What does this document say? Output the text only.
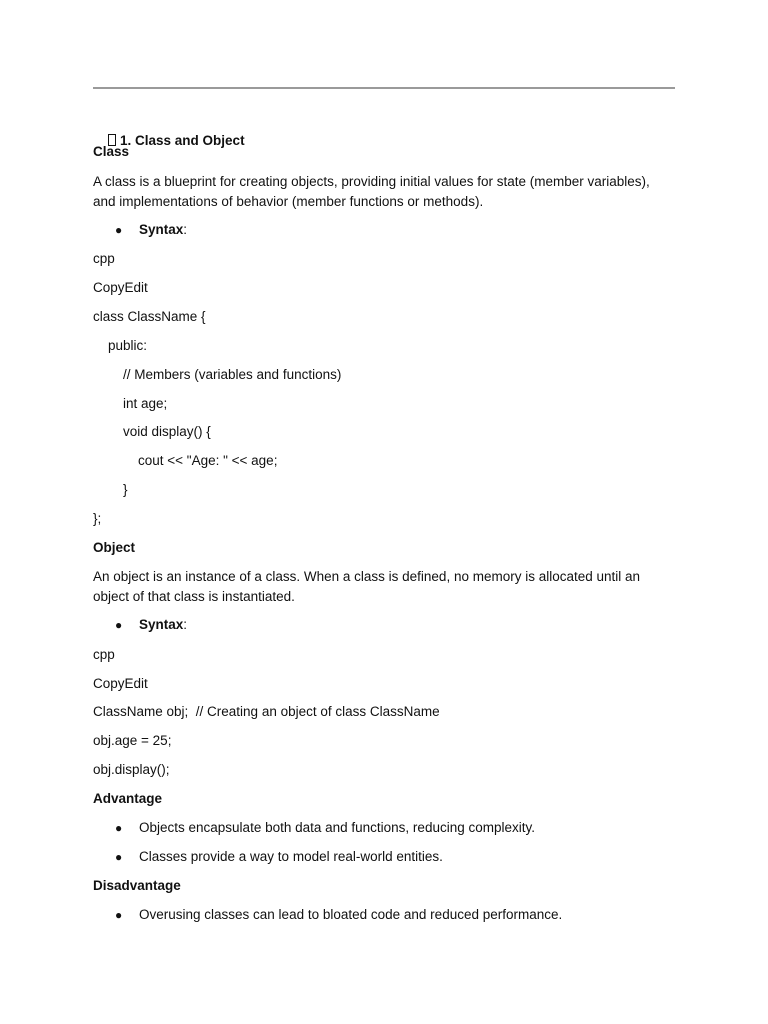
1. Class and Object

Class
A class is a blueprint for creating objects, providing initial values for state (member variables), and implementations of behavior (member functions or methods).
● Syntax:
cpp
CopyEdit
class ClassName {
public:
// Members (variables and functions)
int age;
void display() {
cout << "Age: " << age;
}
};
Object
An object is an instance of a class. When a class is defined, no memory is allocated until an object of that class is instantiated.
● Syntax:
cpp
CopyEdit
ClassName obj;  // Creating an object of class ClassName
obj.age = 25;
obj.display();
Advantage
● Objects encapsulate both data and functions, reducing complexity.
● Classes provide a way to model real-world entities.
Disadvantage
● Overusing classes can lead to bloated code and reduced performance.
